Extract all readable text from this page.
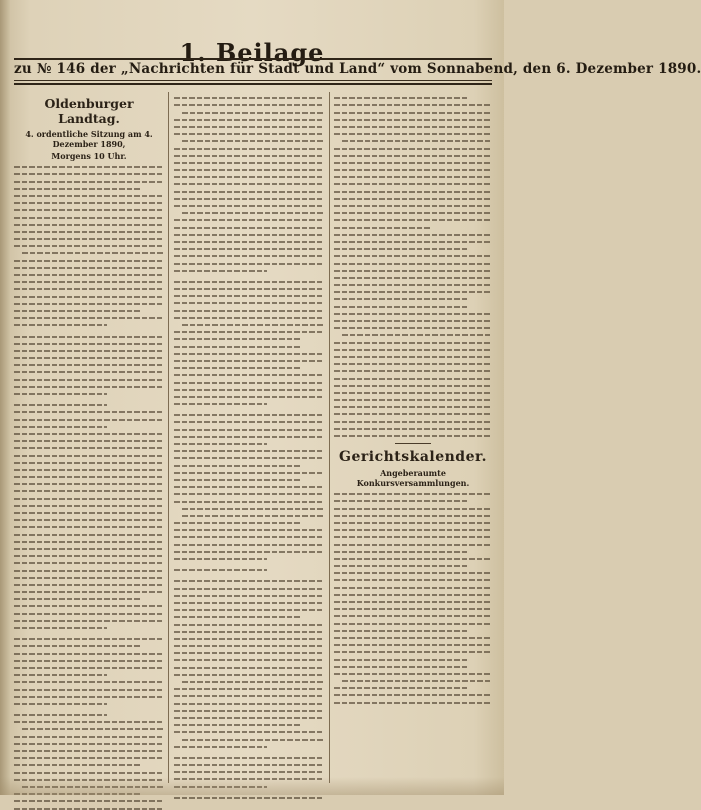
1. Beilage
zu № 146 der „Nachrichten für Stadt und Land“ vom Sonnabend, den 6. Dezember 1890.
Oldenburger Landtag.
4. ordentliche Sitzung am 4. Dezember 1890,
Morgens 10 Uhr.
Gerichtskalender.
Angeberaumte Konkursversammlungen.
